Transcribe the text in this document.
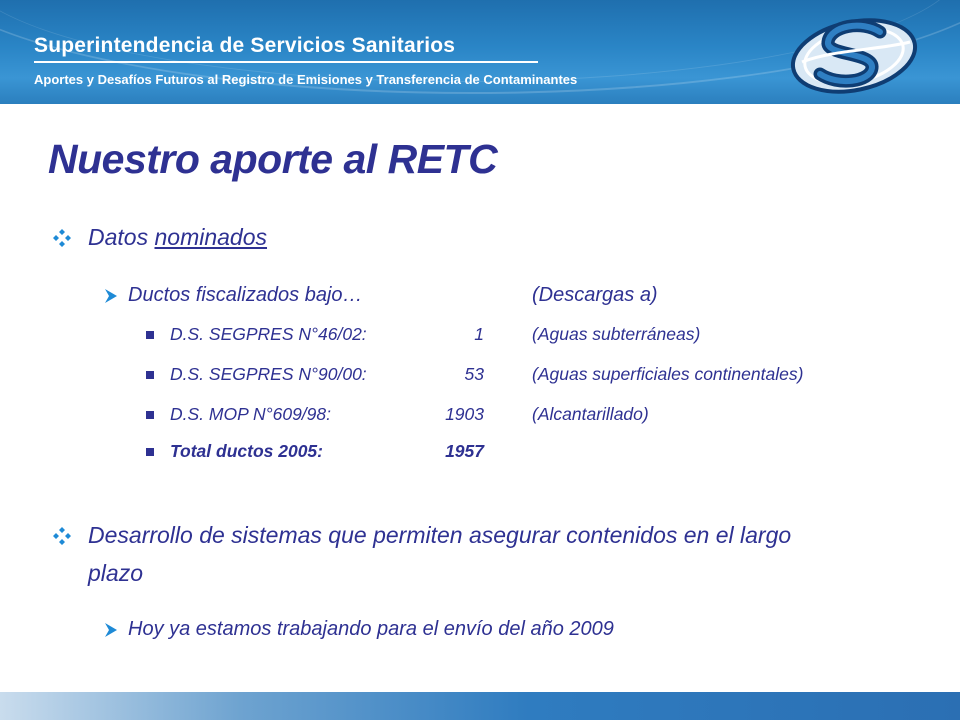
Superintendencia de Servicios Sanitarios
Aportes y Desafíos Futuros al Registro de Emisiones y Transferencia de Contaminantes
Nuestro aporte al RETC
Datos nominados
Ductos fiscalizados bajo…	(Descargas a)
D.S. SEGPRES N°46/02:	1	(Aguas subterráneas)
D.S. SEGPRES N°90/00:	53	(Aguas superficiales continentales)
D.S. MOP N°609/98:	1903	(Alcantarillado)
Total ductos 2005:	1957
Desarrollo de sistemas que permiten asegurar contenidos en el largo
plazo
Hoy ya estamos trabajando para el envío del año 2009
